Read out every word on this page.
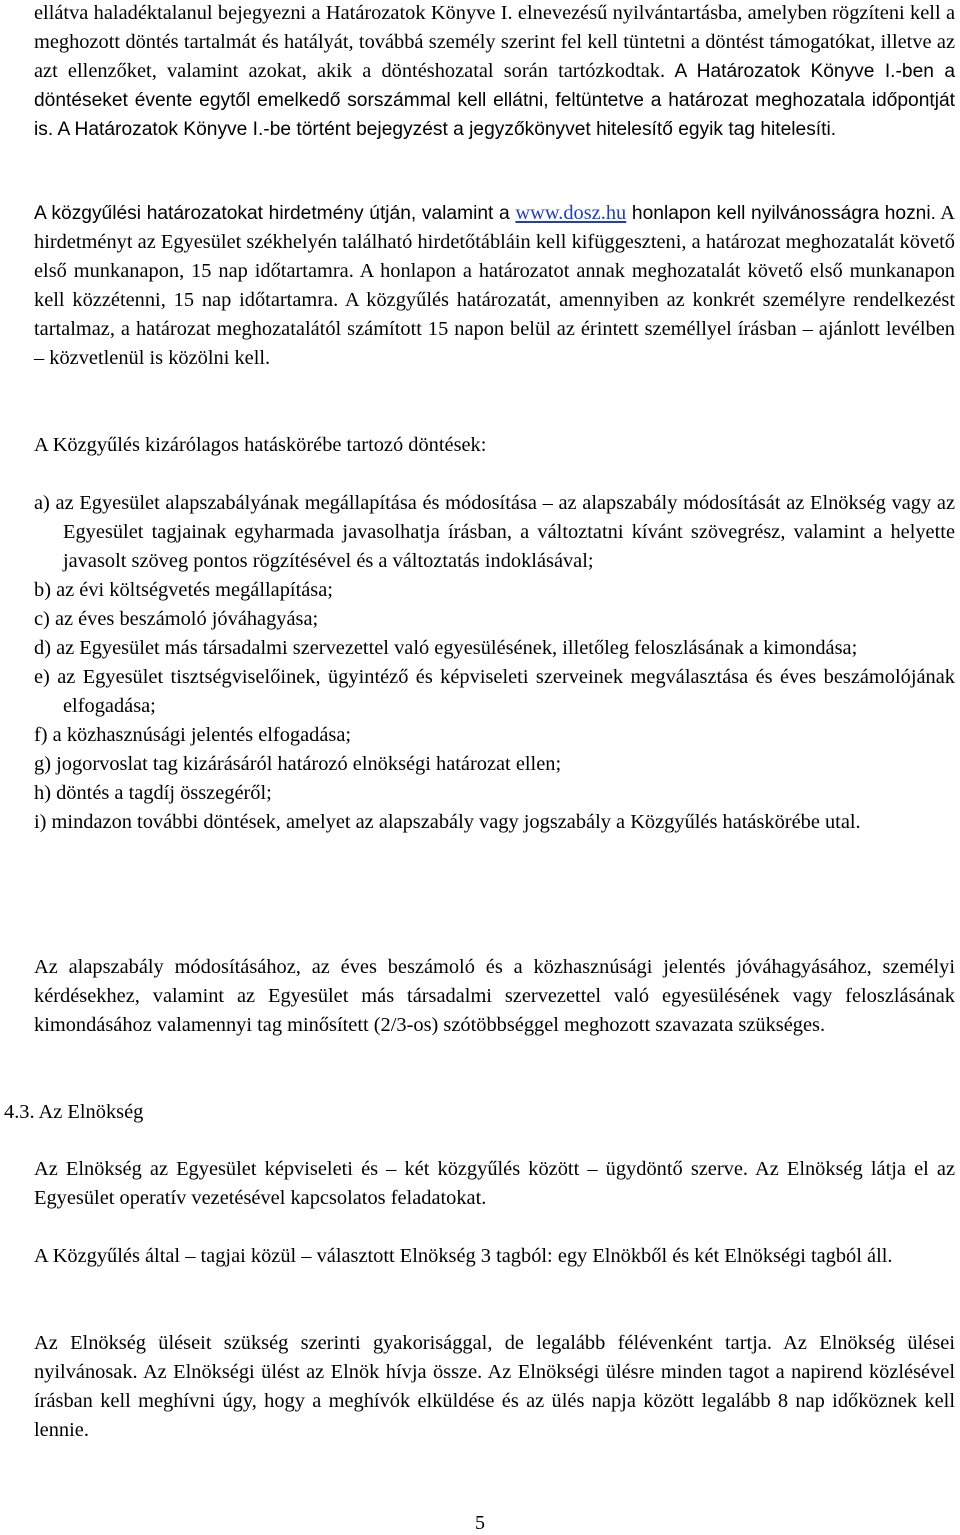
ellátva haladéktalanul bejegyezni a Határozatok Könyve I. elnevezésű nyilvántartásba, amelyben rögzíteni kell a meghozott döntés tartalmát és hatályát, továbbá személy szerint fel kell tüntetni a döntést támogatókat, illetve az azt ellenzőket, valamint azokat, akik a döntéshozatal során tartózkodtak. A Határozatok Könyve I.-ben a döntéseket évente egytől emelkedő sorszámmal kell ellátni, feltüntetve a határozat meghozatala időpontját is. A Határozatok Könyve I.-be történt bejegyzést a jegyzőkönyvet hitelesítő egyik tag hitelesíti.

A közgyűlési határozatokat hirdetmény útján, valamint a www.dosz.hu honlapon kell nyilvánosságra hozni. A hirdetményt az Egyesület székhelyén található hirdetőtábláin kell kifüggeszteni, a határozat meghozatalát követő első munkanapon, 15 nap időtartamra. A honlapon a határozatot annak meghozatalát követő első munkanapon kell közzétenni, 15 nap időtartamra. A közgyűlés határozatát, amennyiben az konkrét személyre rendelkezést tartalmaz, a határozat meghozatalától számított 15 napon belül az érintett személlyel írásban – ajánlott levélben – közvetlenül is közölni kell.

A Közgyűlés kizárólagos hatáskörébe tartozó döntések:

a) az Egyesület alapszabályának megállapítása és módosítása – az alapszabály módosítását az Elnökség vagy az Egyesület tagjainak egyharmada javasolhatja írásban, a változtatni kívánt szövegrész, valamint a helyette javasolt szöveg pontos rögzítésével és a változtatás indoklásával;
b) az évi költségvetés megállapítása;
c) az éves beszámoló jóváhagyása;
d) az Egyesület más társadalmi szervezettel való egyesülésének, illetőleg feloszlásának a kimondása;
e) az Egyesület tisztségviselőinek, ügyintéző és képviseleti szerveinek megválasztása és éves beszámolójának elfogadása;
f) a közhasznúsági jelentés elfogadása;
g) jogorvoslat tag kizárásáról határozó elnökségi határozat ellen;
h) döntés a tagdíj összegéről;
i) mindazon további döntések, amelyet az alapszabály vagy jogszabály a Közgyűlés hatáskörébe utal.

Az alapszabály módosításához, az éves beszámoló és a közhasznúsági jelentés jóváhagyásához, személyi kérdésekhez, valamint az Egyesület más társadalmi szervezettel való egyesülésének vagy feloszlásának kimondásához valamennyi tag minősített (2/3-os) szótöbbséggel meghozott szavazata szükséges.

4.3. Az Elnökség

Az Elnökség az Egyesület képviseleti és – két közgyűlés között – ügydöntő szerve. Az Elnökség látja el az Egyesület operatív vezetésével kapcsolatos feladatokat.

A Közgyűlés által – tagjai közül – választott Elnökség 3 tagból: egy Elnökből és két Elnökségi tagból áll.

Az Elnökség üléseit szükség szerinti gyakorisággal, de legalább félévenként tartja. Az Elnökség ülései nyilvánosak. Az Elnökségi ülést az Elnök hívja össze. Az Elnökségi ülésre minden tagot a napirend közlésével írásban kell meghívni úgy, hogy a meghívók elküldése és az ülés napja között legalább 8 nap időköznek kell lennie.

5
